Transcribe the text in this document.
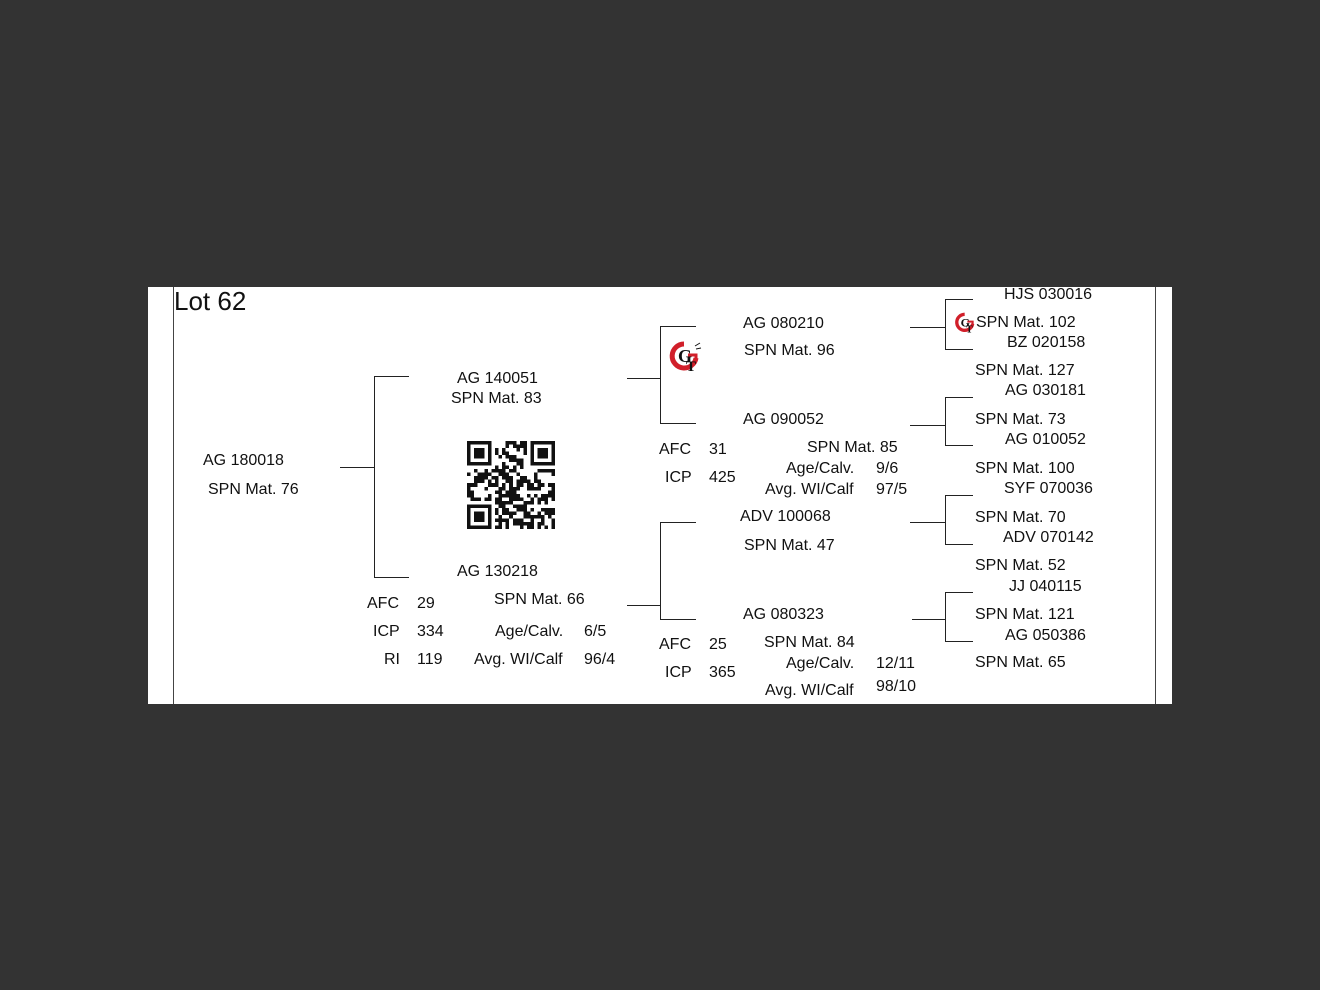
Lot 62
AG 180018
SPN Mat. 76
AG 140051
SPN Mat. 83
AG 130218
SPN Mat. 66
AFC 29
ICP 334
RI 119
Age/Calv. 6/5
Avg. WI/Calf 96/4
G
T
AG 080210
SPN Mat. 96
AG 090052
SPN Mat. 85
AFC 31
ICP 425
Age/Calv. 9/6
Avg. WI/Calf 97/5
ADV 100068
SPN Mat. 47
AG 080323
SPN Mat. 84
AFC 25
ICP 365
Age/Calv. 12/11
Avg. WI/Calf 98/10
G
T
HJS 030016
SPN Mat. 102
BZ 020158
SPN Mat. 127
AG 030181
SPN Mat. 73
AG 010052
SPN Mat. 100
SYF 070036
SPN Mat. 70
ADV 070142
SPN Mat. 52
JJ 040115
SPN Mat. 121
AG 050386
SPN Mat. 65
